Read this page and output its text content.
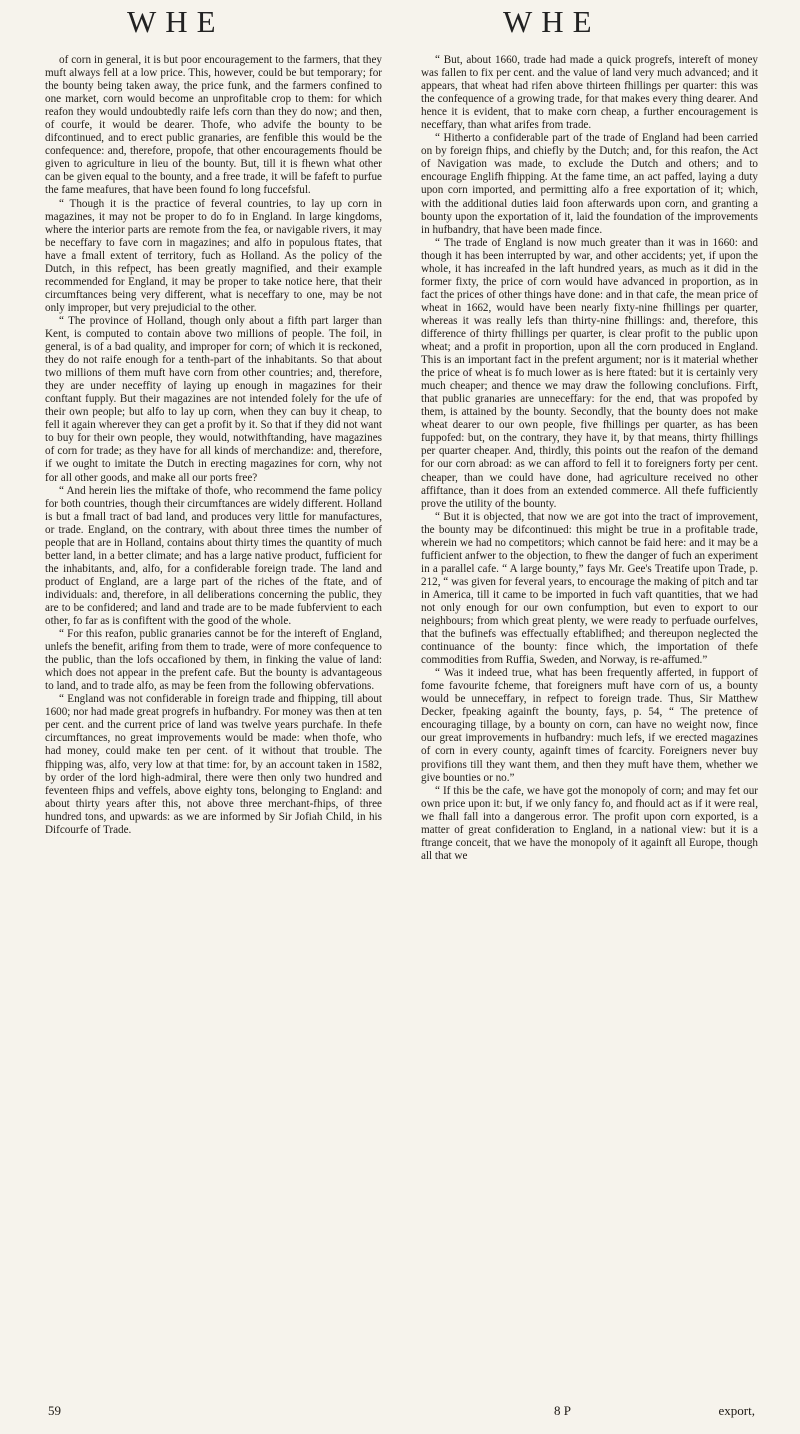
WHE	WHE

of corn in general, it is but poor encouragement to the farmers, that they muft always fell at a low price. This, however, could be but temporary; for the bounty being taken away, the price funk, and the farmers confined to one market, corn would become an unprofitable crop to them: for which reafon they would undoubtedly raife lefs corn than they do now; and then, of courfe, it would be dearer. Thofe, who advife the bounty to be difcontinued, and to erect public granaries, are fenfible this would be the confequence: and, therefore, propofe, that other encouragements fhould be given to agriculture in lieu of the bounty. But, till it is fhewn what other can be given equal to the bounty, and a free trade, it will be fafeft to purfue the fame meafures, that have been found fo long fuccefsful.

“ Though it is the practice of feveral countries, to lay up corn in magazines, it may not be proper to do fo in England. In large kingdoms, where the interior parts are remote from the fea, or navigable rivers, it may be neceffary to fave corn in magazines; and alfo in populous ftates, that have a fmall extent of territory, fuch as Holland. As the policy of the Dutch, in this refpect, has been greatly magnified, and their example recommended for England, it may be proper to take notice here, that their circumftances being very different, what is neceffary to one, may be not only improper, but very prejudicial to the other.

“ The province of Holland, though only about a fifth part larger than Kent, is computed to contain above two millions of people. The foil, in general, is of a bad quality, and improper for corn; of which it is reckoned, they do not raife enough for a tenth-part of the inhabitants. So that about two millions of them muft have corn from other countries; and, therefore, they are under neceffity of laying up enough in magazines for their conftant fupply. But their magazines are not intended folely for the ufe of their own people; but alfo to lay up corn, when they can buy it cheap, to fell it again wherever they can get a profit by it. So that if they did not want to buy for their own people, they would, notwithftanding, have magazines of corn for trade; as they have for all kinds of merchandize: and, therefore, if we ought to imitate the Dutch in erecting magazines for corn, why not for all other goods, and make all our ports free?

“ And herein lies the miftake of thofe, who recommend the fame policy for both countries, though their circumftances are widely different. Holland is but a fmall tract of bad land, and produces very little for manufactures, or trade. England, on the contrary, with about three times the number of people that are in Holland, contains about thirty times the quantity of much better land, in a better climate; and has a large native product, fufficient for the inhabitants, and, alfo, for a confiderable foreign trade. The land and product of England, are a large part of the riches of the ftate, and of individuals: and, therefore, in all deliberations concerning the public, they are to be confidered; and land and trade are to be made fubfervient to each other, fo far as is confiftent with the good of the whole.

“ For this reafon, public granaries cannot be for the intereft of England, unlefs the benefit, arifing from them to trade, were of more confequence to the public, than the lofs occafioned by them, in finking the value of land: which does not appear in the prefent cafe. But the bounty is advantageous to land, and to trade alfo, as may be feen from the following obfervations.

“ England was not confiderable in foreign trade and fhipping, till about 1600; nor had made great progrefs in hufbandry. For money was then at ten per cent. and the current price of land was twelve years purchafe. In thefe circumftances, no great improvements would be made: when thofe, who had money, could make ten per cent. of it without that trouble. The fhipping was, alfo, very low at that time: for, by an account taken in 1582, by order of the lord high-admiral, there were then only two hundred and feventeen fhips and veffels, above eighty tons, belonging to England: and about thirty years after this, not above three merchant-fhips, of three hundred tons, and upwards: as we are informed by Sir Jofiah Child, in his Difcourfe of Trade.

“ But, about 1660, trade had made a quick progrefs, intereft of money was fallen to fix per cent. and the value of land very much advanced; and it appears, that wheat had rifen above thirteen fhillings per quarter: this was the confequence of a growing trade, for that makes every thing dearer. And hence it is evident, that to make corn cheap, a further encouragement is neceffary, than what arifes from trade.

“ Hitherto a confiderable part of the trade of England had been carried on by foreign fhips, and chiefly by the Dutch; and, for this reafon, the Act of Navigation was made, to exclude the Dutch and others; and to encourage Englifh fhipping. At the fame time, an act paffed, laying a duty upon corn imported, and permitting alfo a free exportation of it; which, with the additional duties laid foon afterwards upon corn, and granting a bounty upon the exportation of it, laid the foundation of the improvements in hufbandry, that have been made fince.

“ The trade of England is now much greater than it was in 1660: and though it has been interrupted by war, and other accidents; yet, if upon the whole, it has increafed in the laft hundred years, as much as it did in the former fixty, the price of corn would have advanced in proportion, as in fact the prices of other things have done: and in that cafe, the mean price of wheat in 1662, would have been nearly fixty-nine fhillings per quarter, whereas it was really lefs than thirty-nine fhillings: and, therefore, this difference of thirty fhillings per quarter, is clear profit to the public upon wheat; and a profit in proportion, upon all the corn produced in England. This is an important fact in the prefent argument; nor is it material whether the price of wheat is fo much lower as is here ftated: but it is certainly very much cheaper; and thence we may draw the following conclufions. Firft, that public granaries are unneceffary: for the end, that was propofed by them, is attained by the bounty. Secondly, that the bounty does not make wheat dearer to our own people, five fhillings per quarter, as has been fuppofed: but, on the contrary, they have it, by that means, thirty fhillings per quarter cheaper. And, thirdly, this points out the reafon of the demand for our corn abroad: as we can afford to fell it to foreigners forty per cent. cheaper, than we could have done, had agriculture received no other affiftance, than it does from an extended commerce. All thefe fufficiently prove the utility of the bounty.

“ But it is objected, that now we are got into the tract of improvement, the bounty may be difcontinued: this might be true in a profitable trade, wherein we had no competitors; which cannot be faid here: and it may be a fufficient anfwer to the objection, to fhew the danger of fuch an experiment in a parallel cafe. “ A large bounty,” fays Mr. Gee's Treatife upon Trade, p. 212, “ was given for feveral years, to encourage the making of pitch and tar in America, till it came to be imported in fuch vaft quantities, that we had not only enough for our own confumption, but even to export to our neighbours; from which great plenty, we were ready to perfuade ourfelves, that the bufinefs was effectually eftablifhed; and thereupon neglected the continuance of the bounty: fince which, the importation of thefe commodities from Ruffia, Sweden, and Norway, is re-affumed.”

“ Was it indeed true, what has been frequently afferted, in fupport of fome favourite fcheme, that foreigners muft have corn of us, a bounty would be unneceffary, in refpect to foreign trade. Thus, Sir Matthew Decker, fpeaking againft the bounty, fays, p. 54, “ The pretence of encouraging tillage, by a bounty on corn, can have no weight now, fince our great improvements in hufbandry: much lefs, if we erected magazines of corn in every county, againft times of fcarcity. Foreigners never buy provifions till they want them, and then they muft have them, whether we give bounties or no.”

“ If this be the cafe, we have got the monopoly of corn; and may fet our own price upon it: but, if we only fancy fo, and fhould act as if it were real, we fhall fall into a dangerous error. The profit upon corn exported, is a matter of great confideration to England, in a national view: but it is a ftrange conceit, that we have the monopoly of it againft all Europe, though all that we

59	8 P	export,
